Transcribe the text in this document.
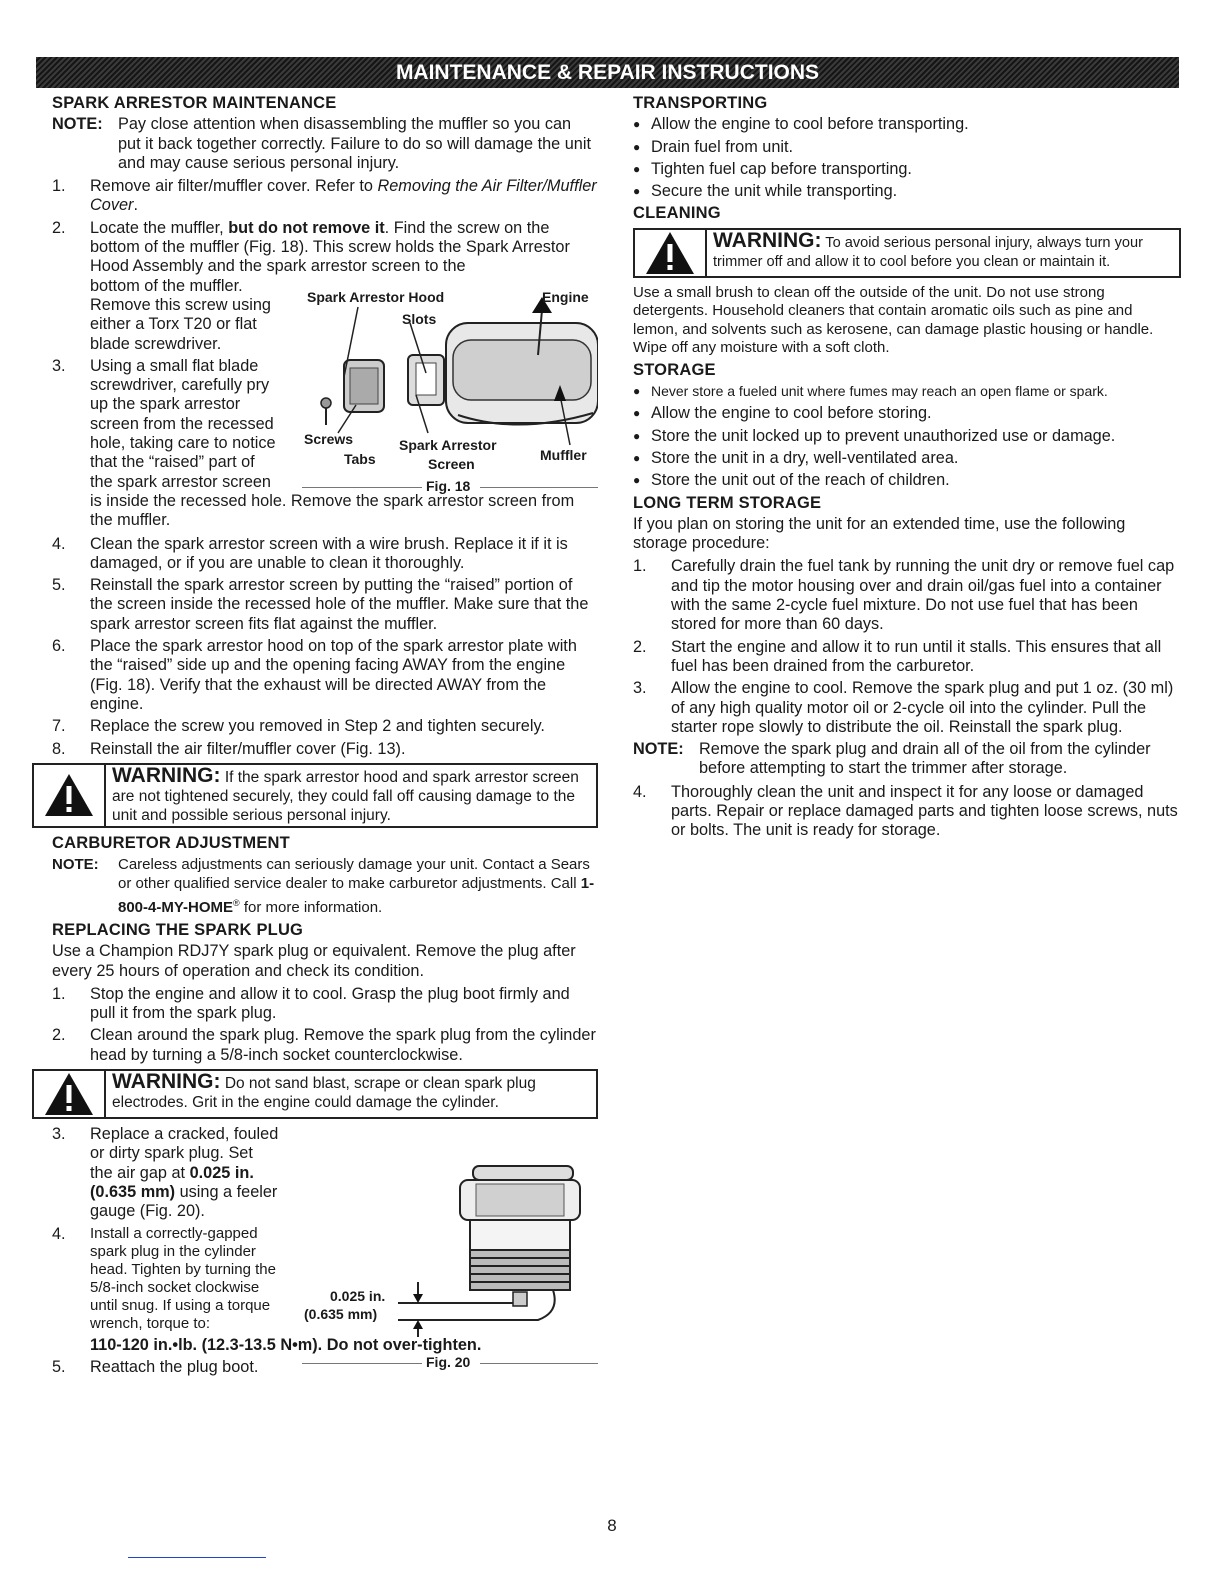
MAINTENANCE & REPAIR INSTRUCTIONS
SPARK ARRESTOR MAINTENANCE
NOTE: Pay close attention when disassembling the muffler so you can put it back together correctly. Failure to do so will damage the unit and may cause serious personal injury.
1.	Remove air filter/muffler cover. Refer to Removing the Air Filter/Muffler Cover.
2.	Locate the muffler, but do not remove it. Find the screw on the bottom of the muffler (Fig. 18). This screw holds the Spark Arrestor Hood Assembly and the spark arrestor screen to the
bottom of the muffler.
Remove this screw using
either a Torx T20 or flat
blade screwdriver.
3.	Using a small flat blade
screwdriver, carefully pry
up the spark arrestor
screen from the recessed
hole, taking care to notice
that the “raised” part of
the spark arrestor screen
is inside the recessed hole. Remove the spark arrestor screen from the muffler.
4.	Clean the spark arrestor screen with a wire brush. Replace it if it is damaged, or if you are unable to clean it thoroughly.
5.	Reinstall the spark arrestor screen by putting the “raised” portion of the screen inside the recessed hole of the muffler. Make sure that the spark arrestor screen fits flat against the muffler.
6.	Place the spark arrestor hood on top of the spark arrestor plate with the “raised” side up and the opening facing AWAY from the engine (Fig. 18). Verify that the exhaust will be directed AWAY from the engine.
7.	Replace the screw you removed in Step 2 and tighten securely.
8.	Reinstall the air filter/muffler cover (Fig. 13).
WARNING: If the spark arrestor hood and spark arrestor screen are not tightened securely, they could fall off causing damage to the unit and possible serious personal injury.
CARBURETOR ADJUSTMENT
NOTE:	Careless adjustments can seriously damage your unit. Contact a Sears or other qualified service dealer to make carburetor adjustments. Call 1-800-4-MY-HOME® for more information.
REPLACING THE SPARK PLUG

Use a Champion RDJ7Y spark plug or equivalent. Remove the plug after every 25 hours of operation and check its condition.

1.	Stop the engine and allow it to cool. Grasp the plug boot firmly and pull it from the spark plug.
2.	Clean around the spark plug. Remove the spark plug from the cylinder head by turning a 5/8-inch socket counterclockwise.
WARNING: Do not sand blast, scrape or clean spark plug electrodes. Grit in the engine could damage the cylinder.
3.	Replace a cracked, fouled
or dirty spark plug. Set
the air gap at 0.025 in.
(0.635 mm) using a feeler
gauge (Fig. 20).
4.	Install a correctly-gapped
spark plug in the cylinder
head. Tighten by turning the
5/8-inch socket clockwise
until snug. If using a torque
wrench, torque to:
110-120 in.•lb. (12.3-13.5 N•m). Do not over-tighten.
5.	Reattach the plug boot.
Spark Arrestor Hood	Engine
Slots
Screws
Tabs
Spark Arrestor
Screen
Muffler
Fig. 18
0.025 in.
(0.635 mm)
Fig. 20
TRANSPORTING
● Allow the engine to cool before transporting.
● Drain fuel from unit.
● Tighten fuel cap before transporting.
● Secure the unit while transporting.
CLEANING
WARNING: To avoid serious personal injury, always turn your trimmer off and allow it to cool before you clean or maintain it.

Use a small brush to clean off the outside of the unit. Do not use strong detergents. Household cleaners that contain aromatic oils such as pine and lemon, and solvents such as kerosene, can damage plastic housing or handle. Wipe off any moisture with a soft cloth.

STORAGE
● Never store a fueled unit where fumes may reach an open flame or spark.
● Allow the engine to cool before storing.
● Store the unit locked up to prevent unauthorized use or damage.
● Store the unit in a dry, well-ventilated area.
● Store the unit out of the reach of children.
LONG TERM STORAGE

If you plan on storing the unit for an extended time, use the following storage procedure:

1.	Carefully drain the fuel tank by running the unit dry or remove fuel cap and tip the motor housing over and drain oil/gas fuel into a container with the same 2-cycle fuel mixture. Do not use fuel that has been stored for more than 60 days.
2.	Start the engine and allow it to run until it stalls. This ensures that all fuel has been drained from the carburetor.
3.	Allow the engine to cool. Remove the spark plug and put 1 oz. (30 ml) of any high quality motor oil or 2-cycle oil into the cylinder. Pull the starter rope slowly to distribute the oil. Reinstall the spark plug.
NOTE: Remove the spark plug and drain all of the oil from the cylinder before attempting to start the trimmer after storage.
4.	Thoroughly clean the unit and inspect it for any loose or damaged parts. Repair or replace damaged parts and tighten loose screws, nuts or bolts. The unit is ready for storage.
8
